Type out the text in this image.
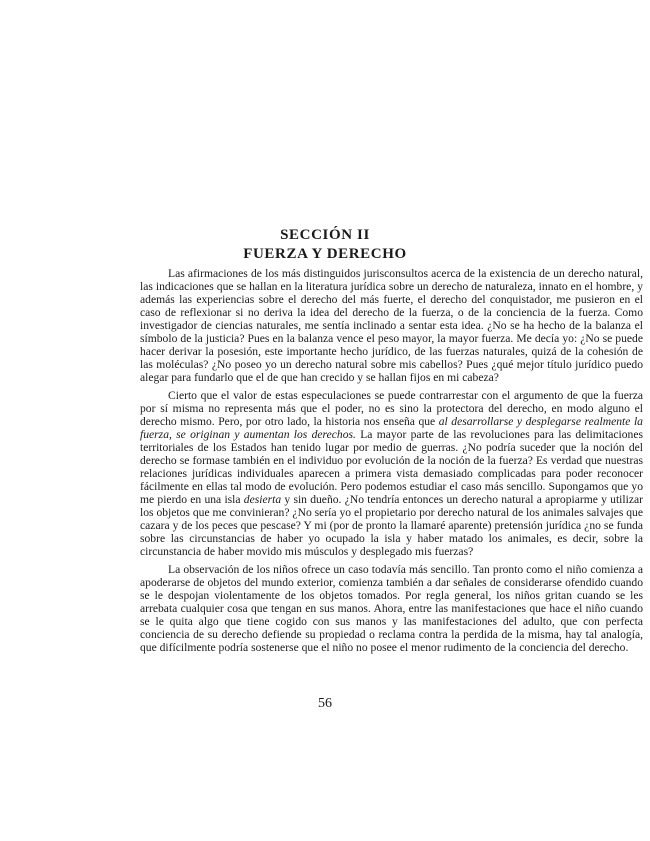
SECCIÓN II
FUERZA Y DERECHO

Las afirmaciones de los más distinguidos jurisconsultos acerca de la existencia de un derecho natural, las indicaciones que se hallan en la literatura jurídica sobre un derecho de naturaleza, innato en el hombre, y además las experiencias sobre el derecho del más fuerte, el derecho del conquistador, me pusieron en el caso de reflexionar si no deriva la idea del derecho de la fuerza, o de la conciencia de la fuerza. Como investigador de ciencias naturales, me sentía inclinado a sentar esta idea. ¿No se ha hecho de la balanza el símbolo de la justicia? Pues en la balanza vence el peso mayor, la mayor fuerza. Me decía yo: ¿No se puede hacer derivar la posesión, este importante hecho jurídico, de las fuerzas naturales, quizá de la cohesión de las moléculas? ¿No poseo yo un derecho natural sobre mis cabellos? Pues ¿qué mejor título jurídico puedo alegar para fundarlo que el de que han crecido y se hallan fijos en mi cabeza?

Cierto que el valor de estas especulaciones se puede contrarrestar con el argumento de que la fuerza por sí misma no representa más que el poder, no es sino la protectora del derecho, en modo alguno el derecho mismo. Pero, por otro lado, la historia nos enseña que al desarrollarse y desplegarse realmente la fuerza, se originan y aumentan los derechos. La mayor parte de las revoluciones para las delimitaciones territoriales de los Estados han tenido lugar por medio de guerras. ¿No podría suceder que la noción del derecho se formase también en el individuo por evolución de la noción de la fuerza? Es verdad que nuestras relaciones jurídicas individuales aparecen a primera vista demasiado complicadas para poder reconocer fácilmente en ellas tal modo de evolución. Pero podemos estudiar el caso más sencillo. Supongamos que yo me pierdo en una isla desierta y sin dueño. ¿No tendría entonces un derecho natural a apropiarme y utilizar los objetos que me convinieran? ¿No sería yo el propietario por derecho natural de los animales salvajes que cazara y de los peces que pescase? Y mi (por de pronto la llamaré aparente) pretensión jurídica ¿no se funda sobre las circunstancias de haber yo ocupado la isla y haber matado los animales, es decir, sobre la circunstancia de haber movido mis músculos y desplegado mis fuerzas?

La observación de los niños ofrece un caso todavía más sencillo. Tan pronto como el niño comienza a apoderarse de objetos del mundo exterior, comienza también a dar señales de considerarse ofendido cuando se le despojan violentamente de los objetos tomados. Por regla general, los niños gritan cuando se les arrebata cualquier cosa que tengan en sus manos. Ahora, entre las manifestaciones que hace el niño cuando se le quita algo que tiene cogido con sus manos y las manifestaciones del adulto, que con perfecta conciencia de su derecho defiende su propiedad o reclama contra la perdida de la misma, hay tal analogía, que difícilmente podría sostenerse que el niño no posee el menor rudimento de la conciencia del derecho.

56
